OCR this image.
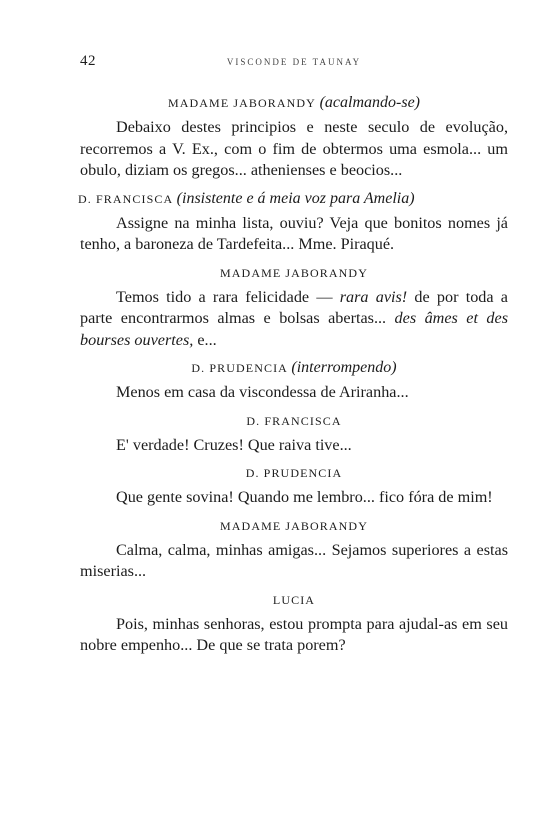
42	VISCONDE DE TAUNAY
MADAME JABORANDY (acalmando-se)

Debaixo destes principios e neste seculo de evolução, recorremos a V. Ex., com o fim de obtermos uma esmola... um obulo, diziam os gregos... athenienses e beocios...

D. FRANCISCA (insistente e á meia voz para Amelia)

Assigne na minha lista, ouviu? Veja que bonitos nomes já tenho, a baroneza de Tardefeita... Mme. Piraqué.

MADAME JABORANDY

Temos tido a rara felicidade — rara avis! de por toda a parte encontrarmos almas e bolsas abertas... des âmes et des bourses ouvertes, e...

D. PRUDENCIA (interrompendo)

Menos em casa da viscondessa de Ariranha...

D. FRANCISCA

E' verdade! Cruzes! Que raiva tive...

D. PRUDENCIA

Que gente sovina! Quando me lembro... fico fóra de mim!

MADAME JABORANDY

Calma, calma, minhas amigas... Sejamos superiores a estas miserias...

LUCIA

Pois, minhas senhoras, estou prompta para ajudal-as em seu nobre empenho... De que se trata porem?
